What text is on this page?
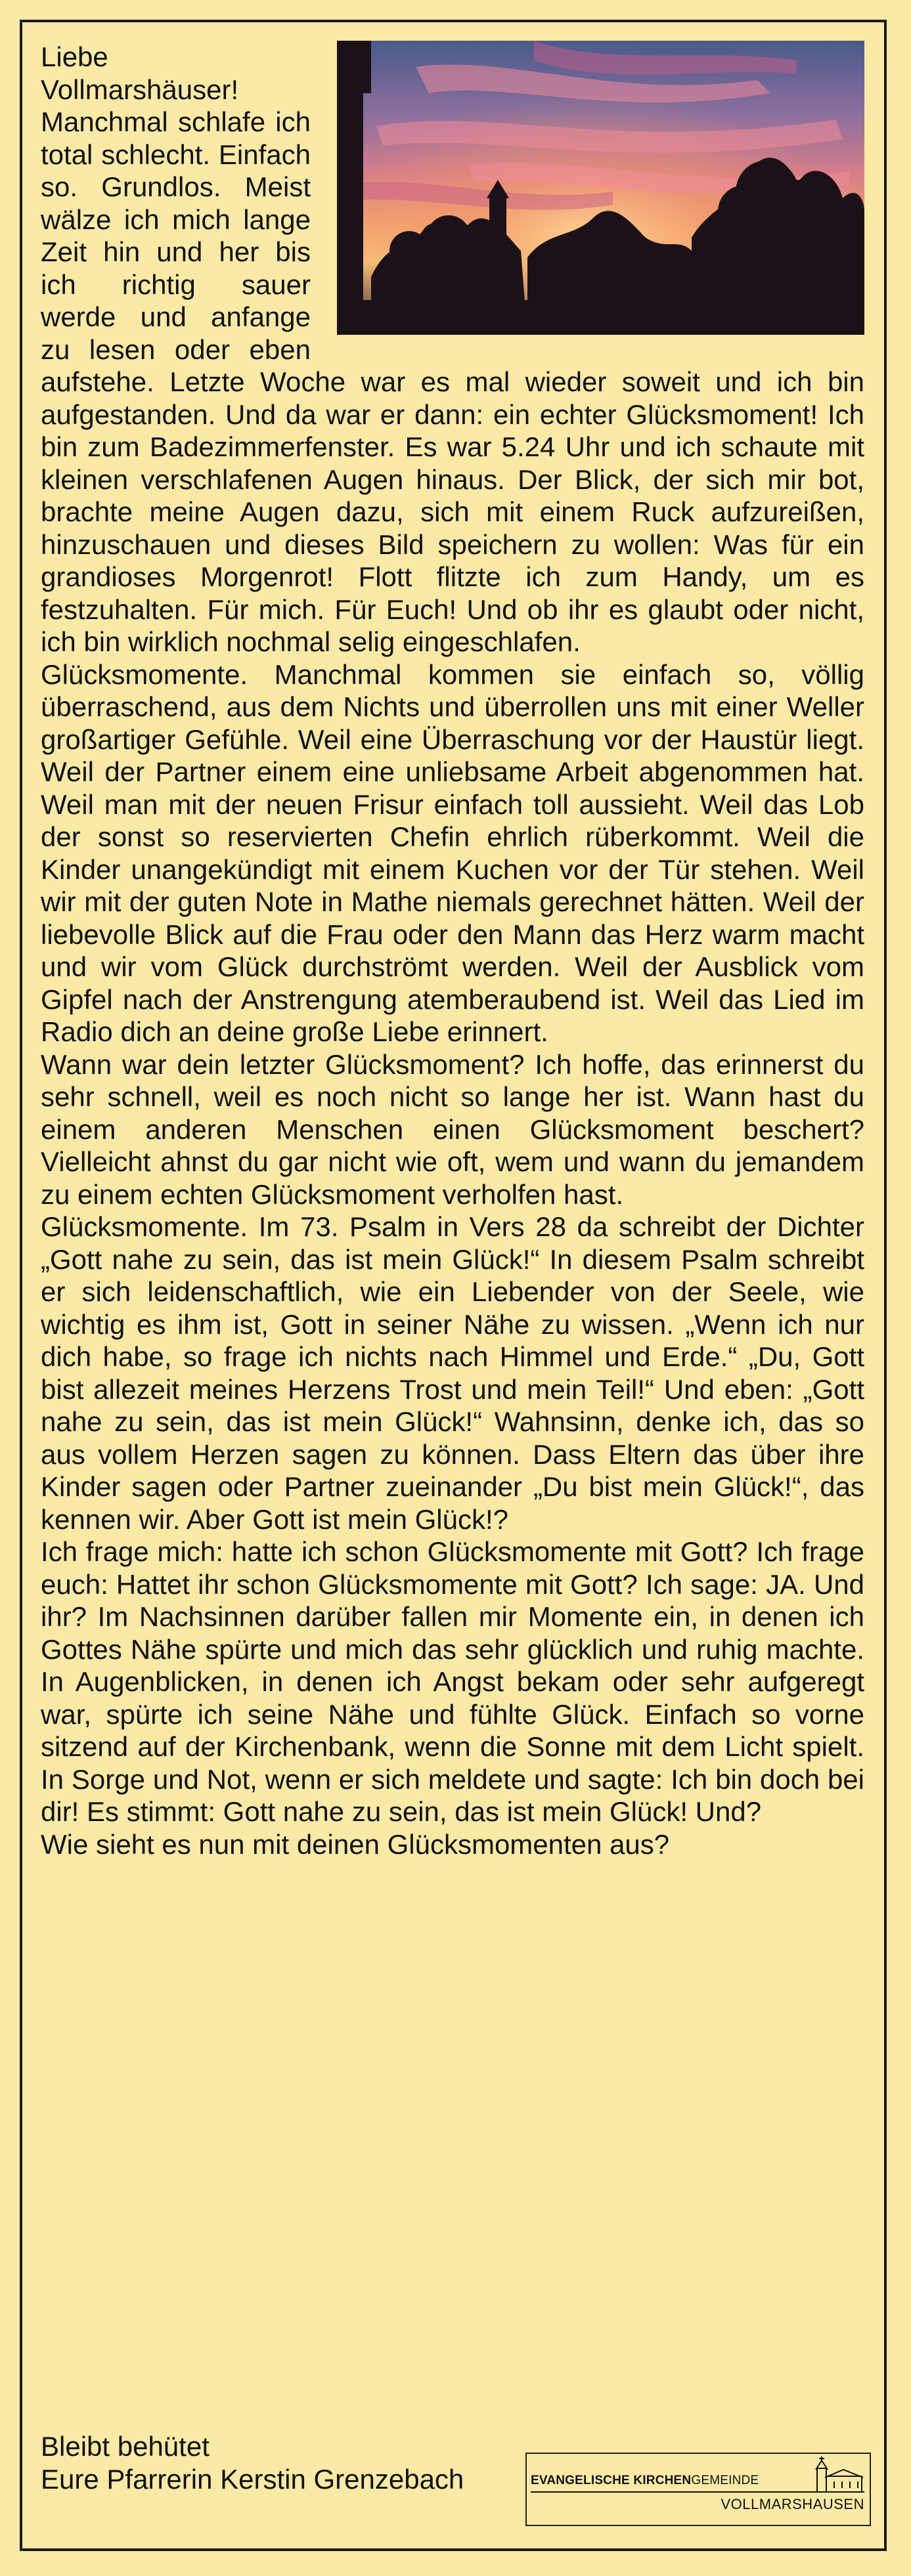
Liebe Vollmarshäuser!

Manchmal schlafe ich total schlecht. Einfach so. Grundlos. Meist wälze ich mich lange Zeit hin und her bis ich richtig sauer werde und anfange zu lesen oder eben aufstehe. Letzte Woche war es mal wieder soweit und ich bin aufgestanden. Und da war er dann: ein echter Glücksmoment! Ich bin zum Badezimmerfenster. Es war 5.24 Uhr und ich schaute mit kleinen verschlafenen Augen hinaus. Der Blick, der sich mir bot, brachte meine Augen dazu, sich mit einem Ruck aufzureißen, hinzuschauen und dieses Bild speichern zu wollen: Was für ein grandioses Morgenrot! Flott flitzte ich zum Handy, um es festzuhalten. Für mich. Für Euch! Und ob ihr es glaubt oder nicht, ich bin wirklich nochmal selig eingeschlafen.

Glücksmomente. Manchmal kommen sie einfach so, völlig überraschend, aus dem Nichts und überrollen uns mit einer Weller großartiger Gefühle. Weil eine Überraschung vor der Haustür liegt. Weil der Partner einem eine unliebsame Arbeit abgenommen hat. Weil man mit der neuen Frisur einfach toll aussieht. Weil das Lob der sonst so reservierten Chefin ehrlich rüberkommt. Weil die Kinder unangekündigt mit einem Kuchen vor der Tür stehen. Weil wir mit der guten Note in Mathe niemals gerechnet hätten. Weil der liebevolle Blick auf die Frau oder den Mann das Herz warm macht und wir vom Glück durchströmt werden. Weil der Ausblick vom Gipfel nach der Anstrengung atemberaubend ist. Weil das Lied im Radio dich an deine große Liebe erinnert.

Wann war dein letzter Glücksmoment? Ich hoffe, das erinnerst du sehr schnell, weil es noch nicht so lange her ist. Wann hast du einem anderen Menschen einen Glücksmoment beschert? Vielleicht ahnst du gar nicht wie oft, wem und wann du jemandem zu einem echten Glücksmoment verholfen hast.

Glücksmomente. Im 73. Psalm in Vers 28 da schreibt der Dichter „Gott nahe zu sein, das ist mein Glück!“ In diesem Psalm schreibt er sich leidenschaftlich, wie ein Liebender von der Seele, wie wichtig es ihm ist, Gott in seiner Nähe zu wissen. „Wenn ich nur dich habe, so frage ich nichts nach Himmel und Erde.“ „Du, Gott bist allezeit meines Herzens Trost und mein Teil!“ Und eben: „Gott nahe zu sein, das ist mein Glück!“ Wahnsinn, denke ich, das so aus vollem Herzen sagen zu können. Dass Eltern das über ihre Kinder sagen oder Partner zueinander „Du bist mein Glück!“, das kennen wir. Aber Gott ist mein Glück!?

Ich frage mich: hatte ich schon Glücksmomente mit Gott? Ich frage euch: Hattet ihr schon Glücksmomente mit Gott? Ich sage: JA. Und ihr? Im Nachsinnen darüber fallen mir Momente ein, in denen ich Gottes Nähe spürte und mich das sehr glücklich und ruhig machte. In Augenblicken, in denen ich Angst bekam oder sehr aufgeregt war, spürte ich seine Nähe und fühlte Glück. Einfach so vorne sitzend auf der Kirchenbank, wenn die Sonne mit dem Licht spielt. In Sorge und Not, wenn er sich meldete und sagte: Ich bin doch bei dir! Es stimmt: Gott nahe zu sein, das ist mein Glück! Und?

Wie sieht es nun mit deinen Glücksmomenten aus?

Bleibt behütet
Eure Pfarrerin Kerstin Grenzebach	EVANGELISCHE KIRCHENGEMEINDE
VOLLMARSHAUSEN
